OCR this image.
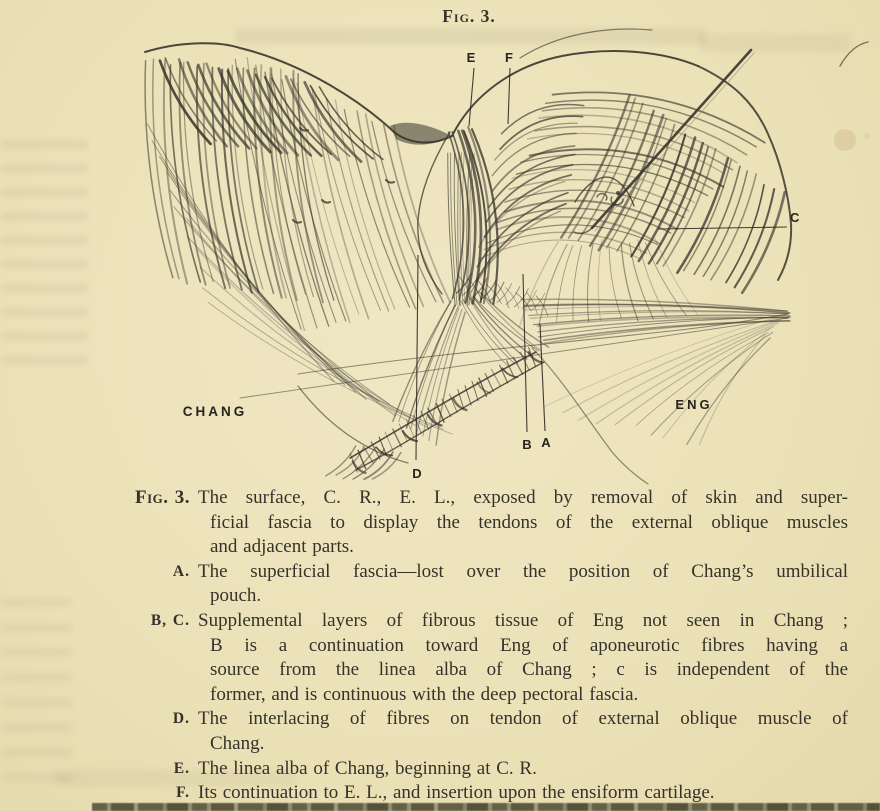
Fig. 3.
E F
C
B A
D
CHANG	ENG
Fig. 3. The surface, C. R., E. L., exposed by removal of skin and super-
ficial fascia to display the tendons of the external oblique muscles
and adjacent parts.
A. The superficial fascia—lost over the position of Chang’s umbilical
pouch.
B, C. Supplemental layers of fibrous tissue of Eng not seen in Chang ;
B is a continuation toward Eng of aponeurotic fibres having a
source from the linea alba of Chang ; c is independent of the
former, and is continuous with the deep pectoral fascia.
D. The interlacing of fibres on tendon of external oblique muscle of
Chang.
E. The linea alba of Chang, beginning at C. R.
F. Its continuation to E. L., and insertion upon the ensiform cartilage.
